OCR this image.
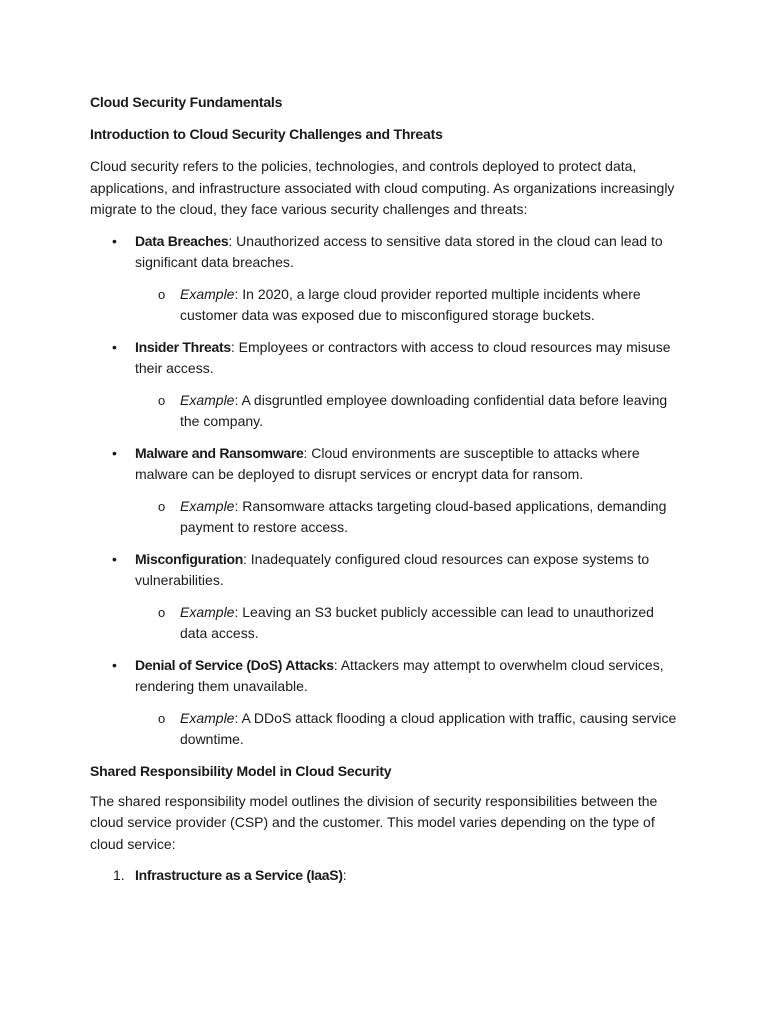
Cloud Security Fundamentals

Introduction to Cloud Security Challenges and Threats

Cloud security refers to the policies, technologies, and controls deployed to protect data, applications, and infrastructure associated with cloud computing. As organizations increasingly migrate to the cloud, they face various security challenges and threats:

• Data Breaches: Unauthorized access to sensitive data stored in the cloud can lead to significant data breaches.
o Example: In 2020, a large cloud provider reported multiple incidents where customer data was exposed due to misconfigured storage buckets.
• Insider Threats: Employees or contractors with access to cloud resources may misuse their access.
o Example: A disgruntled employee downloading confidential data before leaving the company.
• Malware and Ransomware: Cloud environments are susceptible to attacks where malware can be deployed to disrupt services or encrypt data for ransom.
o Example: Ransomware attacks targeting cloud-based applications, demanding payment to restore access.
• Misconfiguration: Inadequately configured cloud resources can expose systems to vulnerabilities.
o Example: Leaving an S3 bucket publicly accessible can lead to unauthorized data access.
• Denial of Service (DoS) Attacks: Attackers may attempt to overwhelm cloud services, rendering them unavailable.
o Example: A DDoS attack flooding a cloud application with traffic, causing service downtime.

Shared Responsibility Model in Cloud Security

The shared responsibility model outlines the division of security responsibilities between the cloud service provider (CSP) and the customer. This model varies depending on the type of cloud service:

1. Infrastructure as a Service (IaaS):
